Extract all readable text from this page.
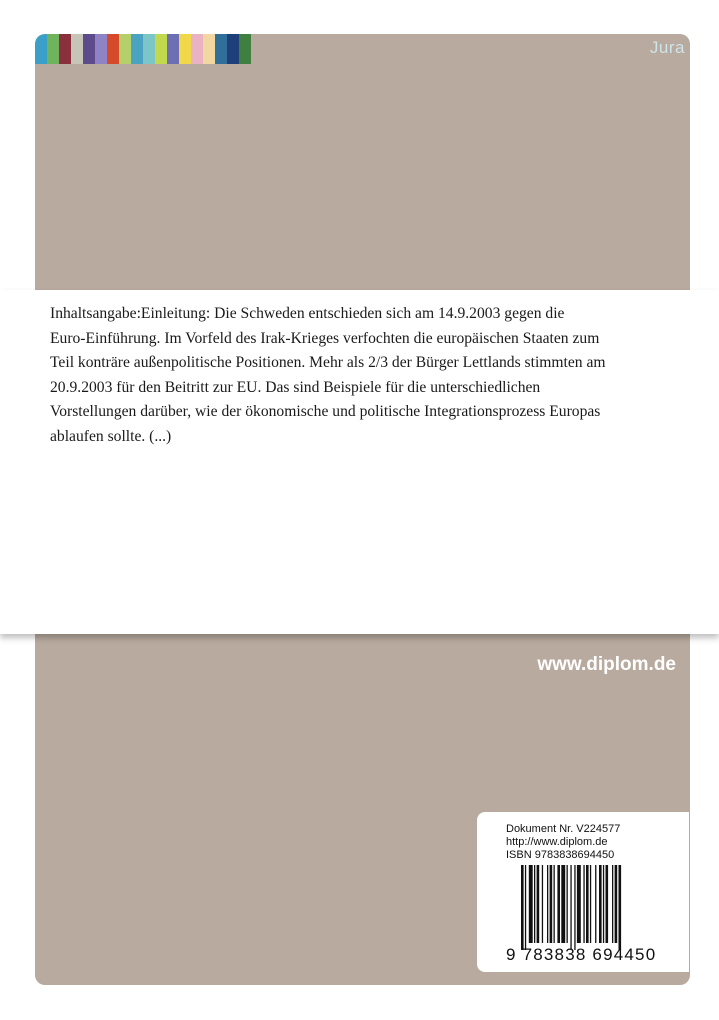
Jura
Inhaltsangabe:Einleitung: Die Schweden entschieden sich am 14.9.2003 gegen die
Euro-Einführung. Im Vorfeld des Irak-Krieges verfochten die europäischen Staaten zum
Teil konträre außenpolitische Positionen. Mehr als 2/3 der Bürger Lettlands stimmten am
20.9.2003 für den Beitritt zur EU. Das sind Beispiele für die unterschiedlichen
Vorstellungen darüber, wie der ökonomische und politische Integrationsprozess Europas
ablaufen sollte. (...)
www.diplom.de
Dokument Nr. V224577
http://www.diplom.de
ISBN 9783838694450
9 783838 694450
